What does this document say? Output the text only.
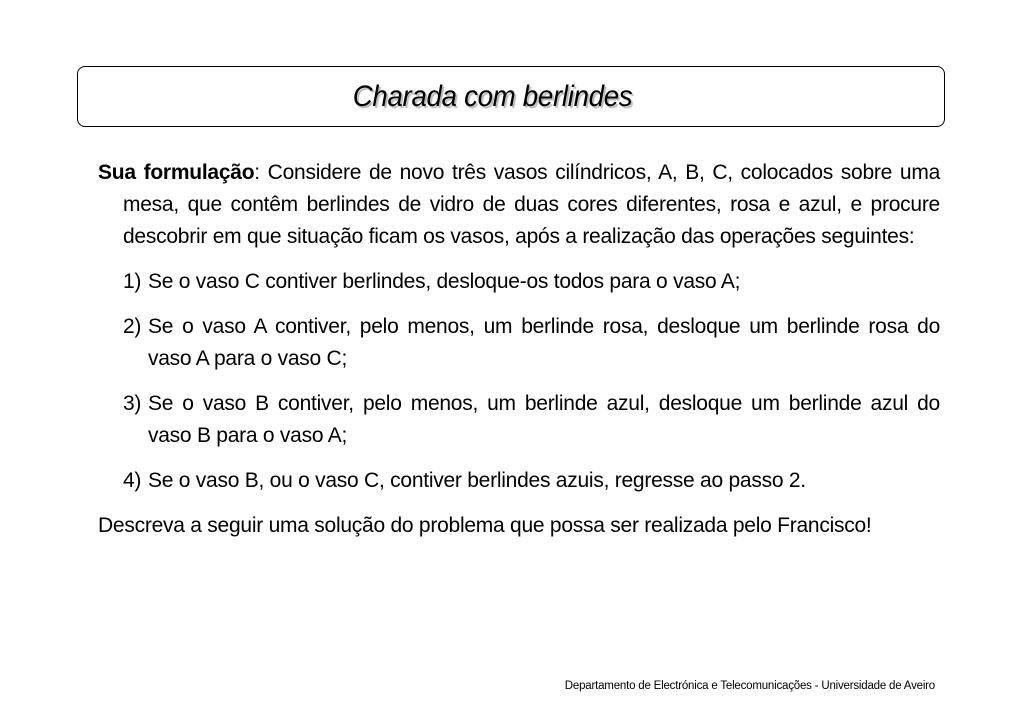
Charada com berlindes

Sua formulação: Considere de novo três vasos cilíndricos, A, B, C, colocados sobre uma mesa, que contêm berlindes de vidro de duas cores diferentes, rosa e azul, e procure descobrir em que situação ficam os vasos, após a realização das operações seguintes:

1) Se o vaso C contiver berlindes, desloque-os todos para o vaso A;
2) Se o vaso A contiver, pelo menos, um berlinde rosa, desloque um berlinde rosa do vaso A para o vaso C;
3) Se o vaso B contiver, pelo menos, um berlinde azul, desloque um berlinde azul do vaso B para o vaso A;
4) Se o vaso B, ou o vaso C, contiver berlindes azuis, regresse ao passo 2.

Descreva a seguir uma solução do problema que possa ser realizada pelo Francisco!

Departamento de Electrónica e Telecomunicações - Universidade de Aveiro
